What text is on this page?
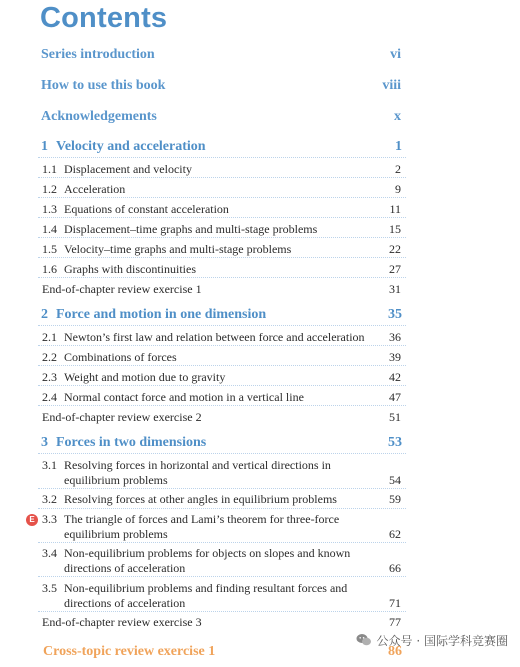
Contents
Series introduction	vi
How to use this book	viii
Acknowledgements	x
1 Velocity and acceleration	1
1.1 Displacement and velocity	2
1.2 Acceleration	9
1.3 Equations of constant acceleration	11
1.4 Displacement–time graphs and multi-stage problems	15
1.5 Velocity–time graphs and multi-stage problems	22
1.6 Graphs with discontinuities	27
End-of-chapter review exercise 1	31
2 Force and motion in one dimension	35
2.1 Newton’s first law and relation between force and acceleration 36
2.2 Combinations of forces	39
2.3 Weight and motion due to gravity	42
2.4 Normal contact force and motion in a vertical line	47
End-of-chapter review exercise 2	51
3 Forces in two dimensions	53
3.1 Resolving forces in horizontal and vertical directions in
equilibrium problems	54
3.2 Resolving forces at other angles in equilibrium problems	59
E 3.3 The triangle of forces and Lami’s theorem for three-force
equilibrium problems	62
3.4 Non-equilibrium problems for objects on slopes and known
directions of acceleration	66
3.5 Non-equilibrium problems and finding resultant forces and
directions of acceleration	71
End-of-chapter review exercise 3	77
Cross-topic review exercise 1	86
公众号 · 国际学科竞赛圈
